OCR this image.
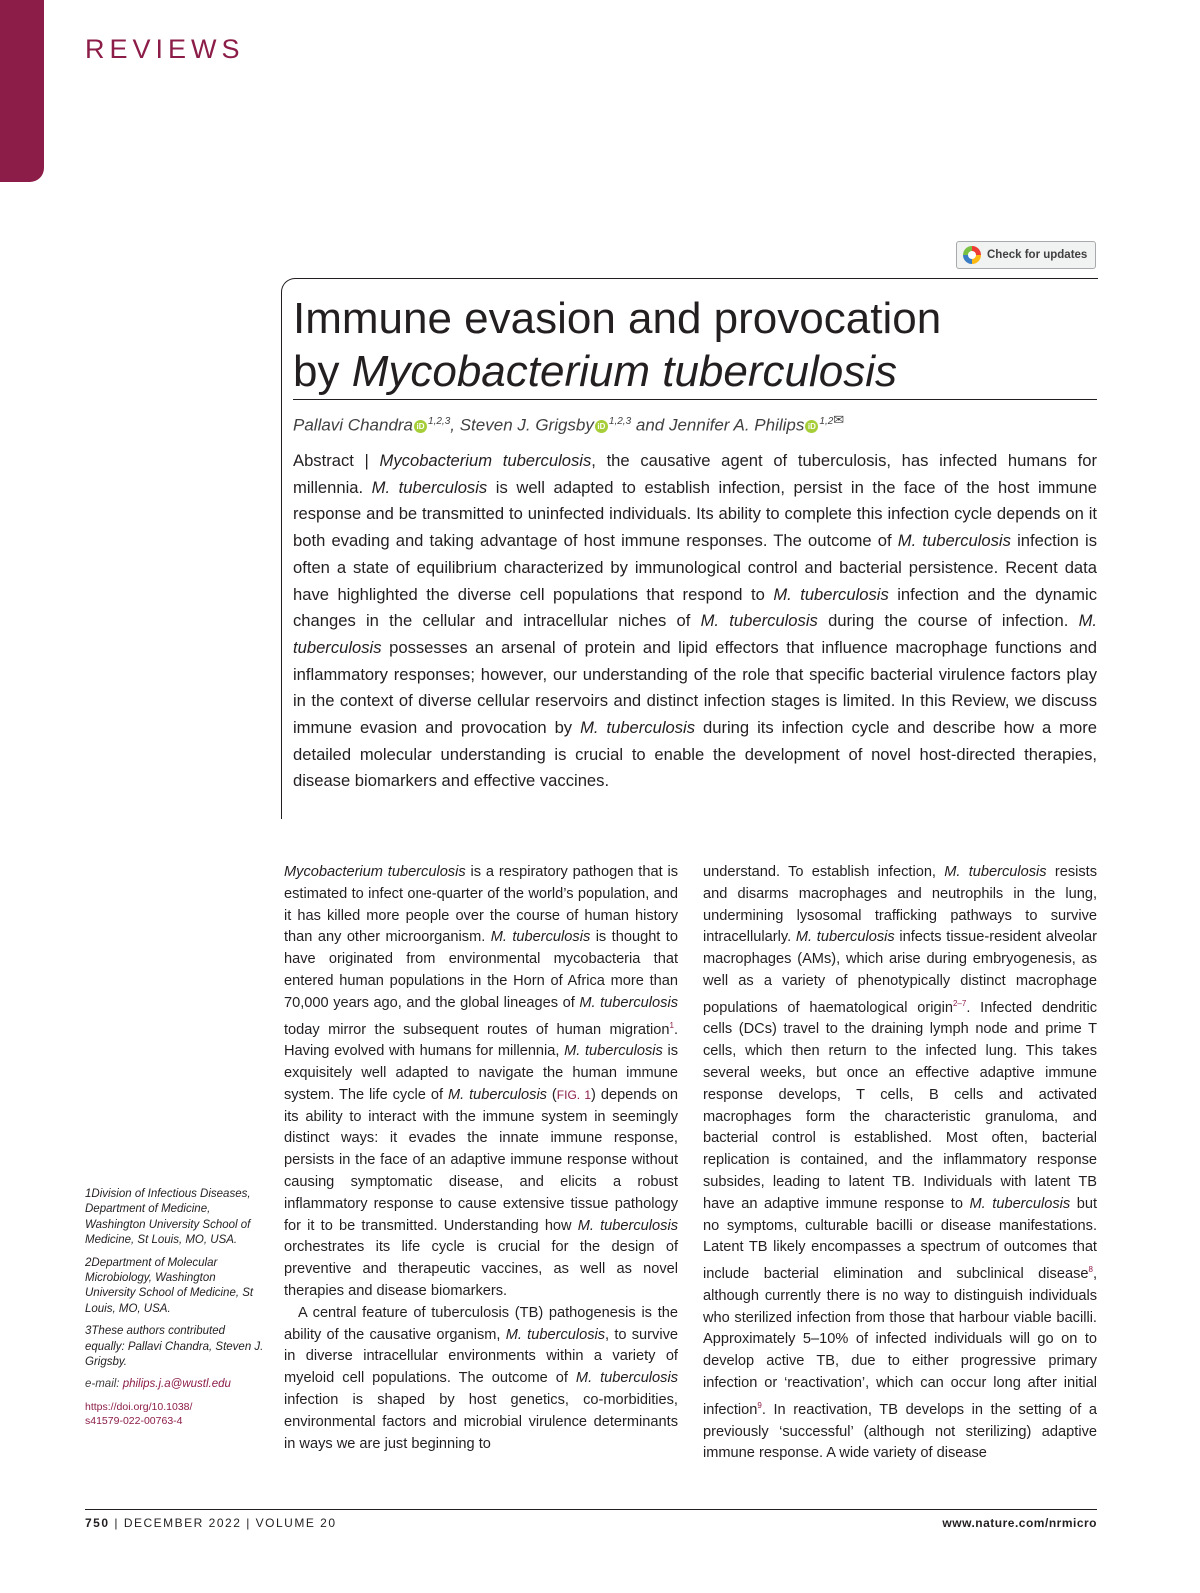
REVIEWS
Check for updates
Immune evasion and provocation
by Mycobacterium tuberculosis
Pallavi Chandra iD $^{1,2,3}$, Steven J. Grigsby iD $^{1,2,3}$ and Jennifer A. Philips iD $^{1,2✉}$
Abstract | Mycobacterium tuberculosis, the causative agent of tuberculosis, has infected humans for millennia. M. tuberculosis is well adapted to establish infection, persist in the face of the host immune response and be transmitted to uninfected individuals. Its ability to complete this infection cycle depends on it both evading and taking advantage of host immune responses. The outcome of M. tuberculosis infection is often a state of equilibrium characterized by immunological control and bacterial persistence. Recent data have highlighted the diverse cell populations that respond to M. tuberculosis infection and the dynamic changes in the cellular and intracellular niches of M. tuberculosis during the course of infection. M. tuberculosis possesses an arsenal of protein and lipid effectors that influence macrophage functions and inflammatory responses; however, our understanding of the role that specific bacterial virulence factors play in the context of diverse cellular reservoirs and distinct infection stages is limited. In this Review, we discuss immune evasion and provocation by M. tuberculosis during its infection cycle and describe how a more detailed molecular understanding is crucial to enable the development of novel host-directed therapies, disease biomarkers and effective vaccines.

Mycobacterium tuberculosis is a respiratory pathogen that is estimated to infect one-quarter of the world’s population, and it has killed more people over the course of human history than any other microorganism. M. tuberculosis is thought to have originated from environmental mycobacteria that entered human populations in the Horn of Africa more than 70,000 years ago, and the global lineages of M. tuberculosis today mirror the subsequent routes of human migration$^1$. Having evolved with humans for millennia, M. tuberculosis is exquisitely well adapted to navigate the human immune system. The life cycle of M. tuberculosis (FIG. 1) depends on its ability to interact with the immune system in seemingly distinct ways: it evades the innate immune response, persists in the face of an adaptive immune response without causing symptomatic disease, and elicits a robust inflammatory response to cause extensive tissue pathology for it to be transmitted. Understanding how M. tuberculosis orchestrates its life cycle is crucial for the design of preventive and therapeutic vaccines, as well as novel therapies and disease biomarkers.

A central feature of tuberculosis (TB) pathogenesis is the ability of the causative organism, M. tuberculosis, to survive in diverse intracellular environments within a variety of myeloid cell populations. The outcome of M. tuberculosis infection is shaped by host genetics, co-morbidities, environmental factors and microbial virulence determinants in ways we are just beginning to

understand. To establish infection, M. tuberculosis resists and disarms macrophages and neutrophils in the lung, undermining lysosomal trafficking pathways to survive intracellularly. M. tuberculosis infects tissue-resident alveolar macrophages (AMs), which arise during embryogenesis, as well as a variety of phenotypically distinct macrophage populations of haematological origin$^{2-7}$. Infected dendritic cells (DCs) travel to the draining lymph node and prime T cells, which then return to the infected lung. This takes several weeks, but once an effective adaptive immune response develops, T cells, B cells and activated macrophages form the characteristic granuloma, and bacterial control is established. Most often, bacterial replication is contained, and the inflammatory response subsides, leading to latent TB. Individuals with latent TB have an adaptive immune response to M. tuberculosis but no symptoms, culturable bacilli or disease manifestations. Latent TB likely encompasses a spectrum of outcomes that include bacterial elimination and subclinical disease$^8$, although currently there is no way to distinguish individuals who sterilized infection from those that harbour viable bacilli. Approximately 5–10% of infected individuals will go on to develop active TB, due to either progressive primary infection or ‘reactivation’, which can occur long after initial infection$^9$. In reactivation, TB develops in the setting of a previously ‘successful’ (although not sterilizing) adaptive immune response. A wide variety of disease

1Division of Infectious Diseases, Department of Medicine, Washington University School of Medicine, St Louis, MO, USA.

2Department of Molecular Microbiology, Washington University School of Medicine, St Louis, MO, USA.

3These authors contributed equally: Pallavi Chandra, Steven J. Grigsby.

e-mail: philips.j.a@wustl.edu

https://doi.org/10.1038/
s41579-022-00763-4

750 | DECEMBER 2022 | VOLUME 20	www.nature.com/nrmicro
